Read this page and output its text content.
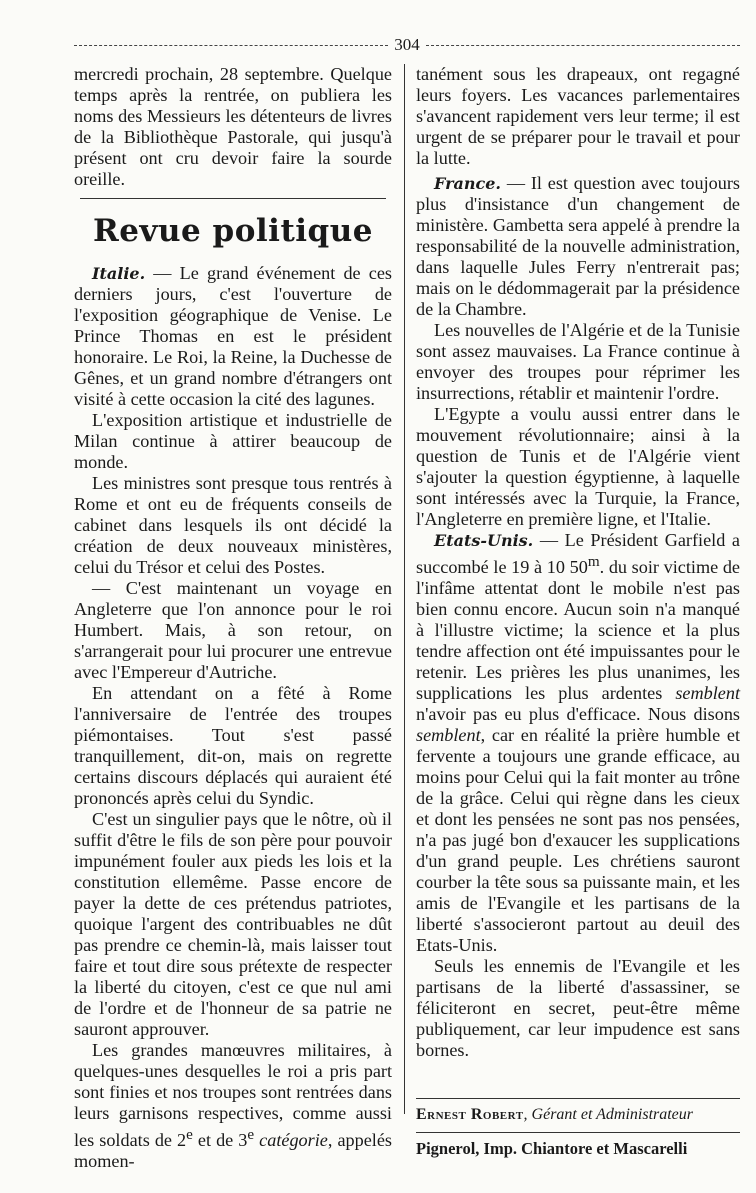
304

mercredi prochain, 28 septembre. Quelque temps après la rentrée, on publiera les noms des Messieurs les détenteurs de livres de la Bibliothèque Pastorale, qui jusqu'à présent ont cru devoir faire la sourde oreille.

Revue politique

Italie. — Le grand événement de ces derniers jours, c'est l'ouverture de l'exposition géographique de Venise. Le Prince Thomas en est le président honoraire. Le Roi, la Reine, la Duchesse de Gênes, et un grand nombre d'étrangers ont visité à cette occasion la cité des lagunes.

L'exposition artistique et industrielle de Milan continue à attirer beaucoup de monde.

Les ministres sont presque tous rentrés à Rome et ont eu de fréquents conseils de cabinet dans lesquels ils ont décidé la création de deux nouveaux ministères, celui du Trésor et celui des Postes.

— C'est maintenant un voyage en Angleterre que l'on annonce pour le roi Humbert. Mais, à son retour, on s'arrangerait pour lui procurer une entrevue avec l'Empereur d'Autriche.

En attendant on a fêté à Rome l'anniversaire de l'entrée des troupes piémontaises. Tout s'est passé tranquillement, dit-on, mais on regrette certains discours déplacés qui auraient été prononcés après celui du Syndic.

C'est un singulier pays que le nôtre, où il suffit d'être le fils de son père pour pouvoir impunément fouler aux pieds les lois et la constitution ellemême. Passe encore de payer la dette de ces prétendus patriotes, quoique l'argent des contribuables ne dût pas prendre ce chemin-là, mais laisser tout faire et tout dire sous prétexte de respecter la liberté du citoyen, c'est ce que nul ami de l'ordre et de l'honneur de sa patrie ne sauront approuver.

Les grandes manœuvres militaires, à quelques-unes desquelles le roi a pris part sont finies et nos troupes sont rentrées dans leurs garnisons respectives, comme aussi les soldats de 2e et de 3e catégorie, appelés momen-

tanément sous les drapeaux, ont regagné leurs foyers. Les vacances parlementaires s'avancent rapidement vers leur terme; il est urgent de se préparer pour le travail et pour la lutte.

France. — Il est question avec toujours plus d'insistance d'un changement de ministère. Gambetta sera appelé à prendre la responsabilité de la nouvelle administration, dans laquelle Jules Ferry n'entrerait pas; mais on le dédommagerait par la présidence de la Chambre.

Les nouvelles de l'Algérie et de la Tunisie sont assez mauvaises. La France continue à envoyer des troupes pour réprimer les insurrections, rétablir et maintenir l'ordre.

L'Egypte a voulu aussi entrer dans le mouvement révolutionnaire; ainsi à la question de Tunis et de l'Algérie vient s'ajouter la question égyptienne, à laquelle sont intéressés avec la Turquie, la France, l'Angleterre en première ligne, et l'Italie.

Etats-Unis. — Le Président Garfield a succombé le 19 à 10 50$^m$. du soir victime de l'infâme attentat dont le mobile n'est pas bien connu encore. Aucun soin n'a manqué à l'illustre victime; la science et la plus tendre affection ont été impuissantes pour le retenir. Les prières les plus unanimes, les supplications les plus ardentes semblent n'avoir pas eu plus d'efficace. Nous disons semblent, car en réalité la prière humble et fervente a toujours une grande efficace, au moins pour Celui qui la fait monter au trône de la grâce. Celui qui règne dans les cieux et dont les pensées ne sont pas nos pensées, n'a pas jugé bon d'exaucer les supplications d'un grand peuple. Les chrétiens sauront courber la tête sous sa puissante main, et les amis de l'Evangile et les partisans de la liberté s'associeront partout au deuil des Etats-Unis.

Seuls les ennemis de l'Evangile et les partisans de la liberté d'assassiner, se féliciteront en secret, peut-être même publiquement, car leur impudence est sans bornes.

Ernest Robert, Gérant et Administrateur
Pignerol, Imp. Chiantore et Mascarelli
